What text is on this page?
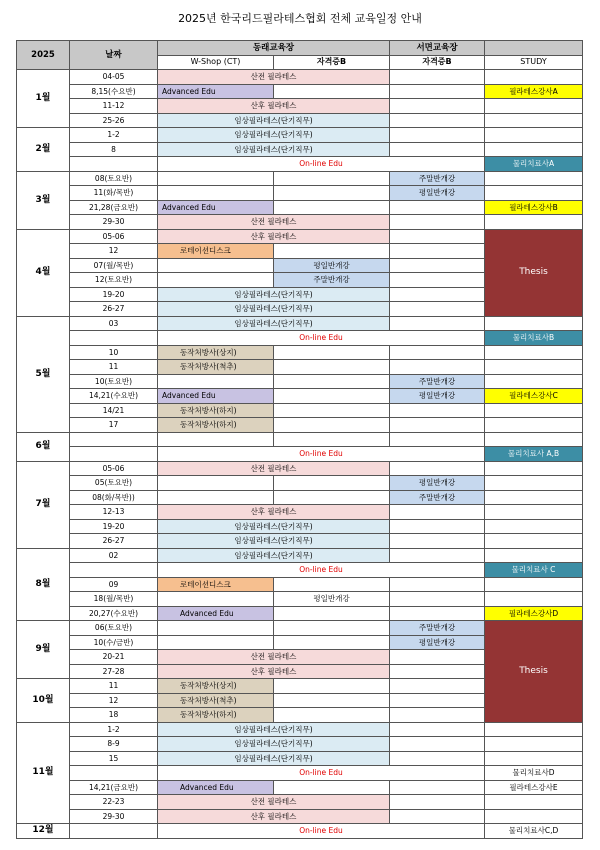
2025년 한국리드필라테스협회 전체 교육일정 안내
2025	날짜	동래교육장		서면교육장	
		W-Shop (CT)	자격증B	자격증B	STUDY
1월	04-05	산전 필라테스			
	8,15(수요반)	Advanced Edu			필라테스강사A
	11-12	산후 필라테스			
	25-26	임상필라테스(단기직무)			
2월	1-2	임상필라테스(단기직무)			
	8	임상필라테스(단기직무)			
		On-line Edu			물리치료사A
3월	08(토요반)			주말반개강	
	11(화/목반)			평일반개강	
	21,28(금요반)	Advanced Edu			필라테스강사B
	29-30	산전 필라테스			
4월	05-06	산후 필라테스			Thesis
	12	로테이션디스크			
	07(월/목반)		평일반개강		
	12(토요반)		주말반개강		
	19-20	임상필라테스(단기직무)			
	26-27	임상필라테스(단기직무)			
5월	03	임상필라테스(단기직무)			
		On-line Edu			물리치료사B
	10	동작처방사(상지)			
	11	동작처방사(척추)			
	10(토요반)			주말반개강	
	14,21(수요반)	Advanced Edu		평일반개강	필라테스강사C
	14/21	동작처방사(하지)			
	17	동작처방사(하지)			
6월					
		On-line Edu			물리치료사 A,B
7월	05-06	산전 필라테스			
	05(토요반)			평일반개강	
	08(화/목반))			주말반개강	
	12-13	산후 필라테스			
	19-20	임상필라테스(단기직무)			
	26-27	임상필라테스(단기직무)			
8월	02	임상필라테스(단기직무)			
		On-line Edu			물리치료사 C
	09	로테이션디스크			
	18(월/목반)		평일반개강		
	20,27(수요반)	Advanced Edu			필라테스강사D
9월	06(토요반)			주말반개강	Thesis
	10(수/금반)			평일반개강	
	20-21	산전 필라테스			
	27-28	산후 필라테스			
10월	11	동작처방사(상지)			
	12	동작처방사(척추)			
	18	동작처방사(하지)			
11월	1-2	임상필라테스(단기직무)			
	8-9	임상필라테스(단기직무)			
	15	임상필라테스(단기직무)			
		On-line Edu			물리치료사D
	14,21(금요반)	Advanced Edu			필라테스강사E
	22-23	산전 필라테스			
	29-30	산후 필라테스			
12월		On-line Edu			물리치료사C,D
